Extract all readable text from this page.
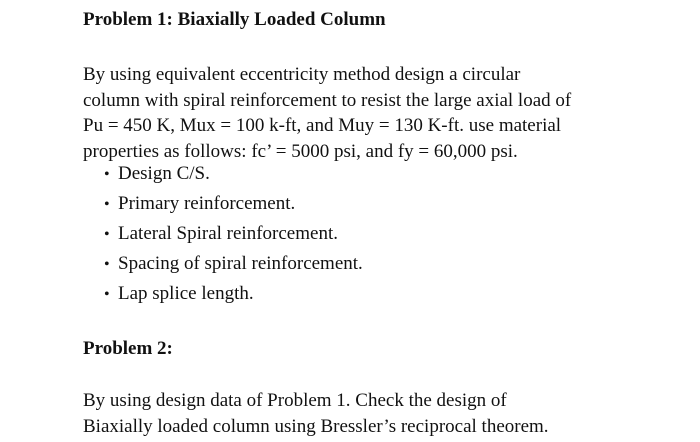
Problem 1: Biaxially Loaded Column

By using equivalent eccentricity method design a circular
column with spiral reinforcement to resist the large axial load of
Pu = 450 K, Mux = 100 k-ft, and Muy = 130 K-ft. use material
properties as follows: fc’ = 5000 psi, and fy = 60,000 psi.

• Design C/S.
• Primary reinforcement.
• Lateral Spiral reinforcement.
• Spacing of spiral reinforcement.
• Lap splice length.
Problem 2:

By using design data of Problem 1. Check the design of
Biaxially loaded column using Bressler’s reciprocal theorem.
